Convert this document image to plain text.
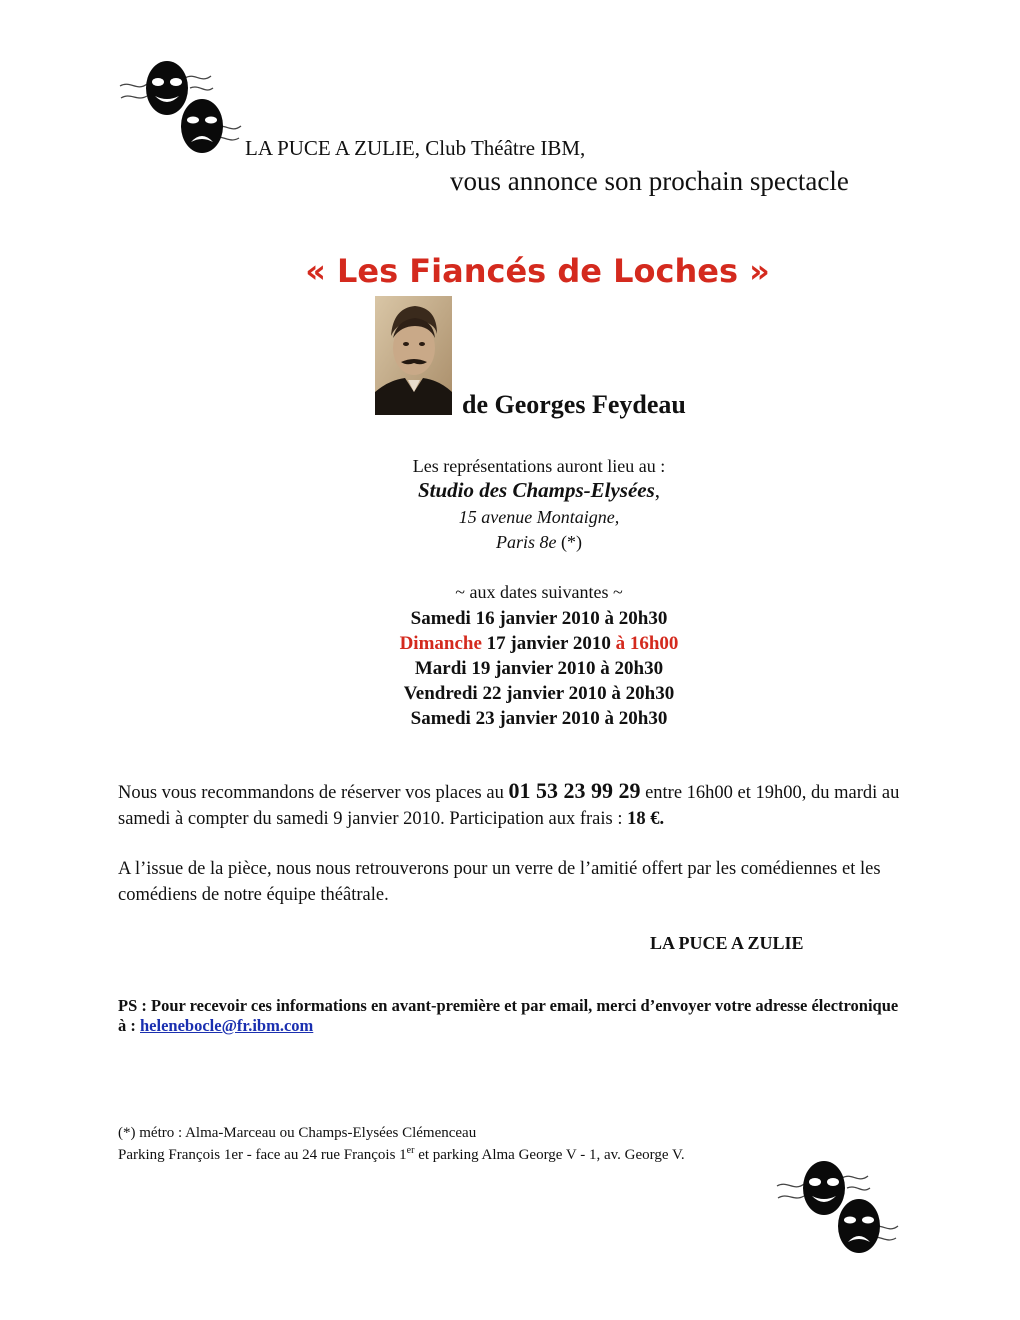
LA PUCE A ZULIE, Club Théâtre IBM,
vous annonce son prochain spectacle
« Les Fiancés de Loches »
de Georges Feydeau
Les représentations auront lieu au :
Studio des Champs-Elysées,
15 avenue Montaigne,
Paris 8e (*)
~ aux dates suivantes ~
Samedi 16 janvier 2010 à 20h30
Dimanche 17 janvier 2010 à 16h00
Mardi 19 janvier 2010 à 20h30
Vendredi 22 janvier 2010 à 20h30
Samedi 23 janvier 2010 à 20h30
Nous vous recommandons de réserver vos places au 01 53 23 99 29 entre 16h00 et 19h00, du mardi au samedi à compter du samedi 9 janvier 2010. Participation aux frais : 18 €.
A l’issue de la pièce, nous nous retrouverons pour un verre de l’amitié offert par les comédiennes et les comédiens de notre équipe théâtrale.
LA PUCE A ZULIE
PS : Pour recevoir ces informations en avant-première et par email, merci d’envoyer votre adresse électronique à : helenebocle@fr.ibm.com
(*) métro : Alma-Marceau ou Champs-Elysées Clémenceau
Parking François 1er - face au 24 rue François 1er et parking Alma George V - 1, av. George V.
